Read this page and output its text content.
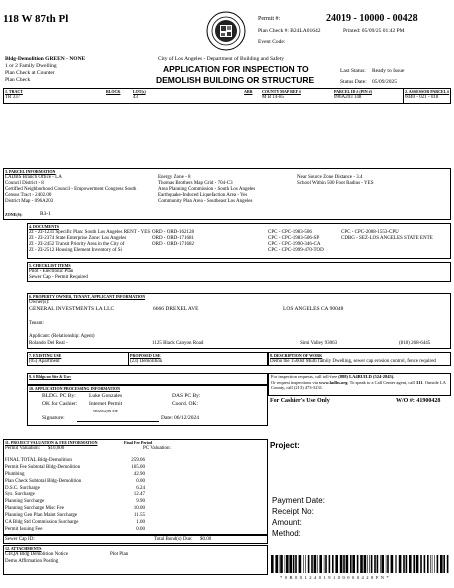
118 W 87th Pl	Permit #:	24019 - 10000 - 00428
Plan Check #: B24LA01642	Printed: 05/09/25 01:42 PM
Event Code:
Bldg-Demolition GREEN - NONE
1 or 2 Family Dwelling
Plan Check at Counter
Plan Check
City of Los Angeles - Department of Building and Safety
APPLICATION FOR INSPECTION TO
DEMOLISH BUILDING OR STRUCTURE
Last Status: Ready to Issue
Status Date: 05/09/2025
1. TRACT
TR 337
BLOCK	LOT(s)
43
ARB COUNTY MAP REF #
M B 14-85
PARCEL ID # (PIN #)
096A203 148
2. ASSESSOR PARCEL #
6040 - 021 - 018
3. PARCEL INFORMATION
LADBS Branch Office - LA
Council District - 8
Certified Neighborhood Council - Empowerment Congress South
Census Tract - 2402.00
District Map - 096A203
Energy Zone - 8
Thomas Brothers Map Grid - 704-C3
Area Planning Commission - South Los Angeles
Earthquake-Induced Liquefaction Area - Yes
Community Plan Area - Southeast Los Angeles
Near Source Zone Distance - 3.4
School Within 500 Foot Radius - YES
ZONE(S):	R3-1
4. DOCUMENTS
ZI - ZI-1231 Specific Plan: South Los Angeles RENT - YES
ZI - ZI-2374 State Enterprise Zone: Los Angeles
ZI - ZI-2452 Transit Priority Area in the City of
ZI - ZI-2512 Housing Element Inventory of Si
ORD - ORD-162128
ORD - ORD-171681
ORD - ORD-171682
CPC - CPC-1983-506
CPC - CPC-1983-506-SP
CPC - CPC-1990-346-CA
CPC - CPC-1999-470-TOD
CPC - CPC-2008-1553-CPU
CDBG - SEZ-LOS ANGELES STATE ENTE
5. CHECKLIST ITEMS
Pilot - Electronic Plan
Sewer Cap - Permit Required
6. PROPERTY OWNER, TENANT, APPLICANT INFORMATION
Owner(s):
GENERAL INVESTMENTS LA LLC	6666 DREXEL AVE	LOS ANGELES CA 90048
Tenant:
Applicant: (Relationship: Agent)
Rolando Del Real -	1125 Black Canyon Road	Simi Valley 93063	(818) 268-6445
7. EXISTING USE
(05) Apartment
PROPOSED USE
(23) Demolition
8. DESCRIPTION OF WORK
Demo the 1560sf Multi family Dwelling, sewer cap erosion control, fence required
9. # Bldgs on Site & Use:
10. APPLICATION PROCESSING INFORMATION
BLDG. PC By: Luke Gonzales	DAS PC By:
OK for Cashier: Internet Permit	Coord. OK:
SHANGQIN XIE
Signature:	Date: 06/12/2024
For inspection requests, call toll-free (888) LA4BUILD (524-2845).
Or request inspections via www.ladbs.org. To speak to a Call Center agent, call 311. Outside LA County, call (213) 473-3231.
For Cashier's Use Only	W/O #: 41900428
11. PROJECT VALUATION & FEE INFORMATION	Final Fee Period
Permit Valuation: $10,000	PC Valuation:
FINAL TOTAL Bldg-Demolition	259.06
Permit Fee Subtotal Bldg-Demolition	165.00
Plumbing	42.90
Plan Check Subtotal Bldg-Demolition	0.00
D.S.C. Surcharge	6.24
Sys. Surcharge	12.47
Planning Surcharge	9.90
Planning Surcharge Misc Fee	10.00
Planning Gen Plan Maint Surcharge	11.55
CA Bldg Std Commission Surcharge	1.00
Permit Issuing Fee	0.00
Sewer Cap ID:	Total Bond(s) Due: $0.00
Project:
Payment Date:
Receipt No:
Amount:
Method:
12. ATTACHMENTS
CEQA Bldg Demolition Notice	Plot Plan
Demo Affirmation Posting
*0B00124019100000428FN*
